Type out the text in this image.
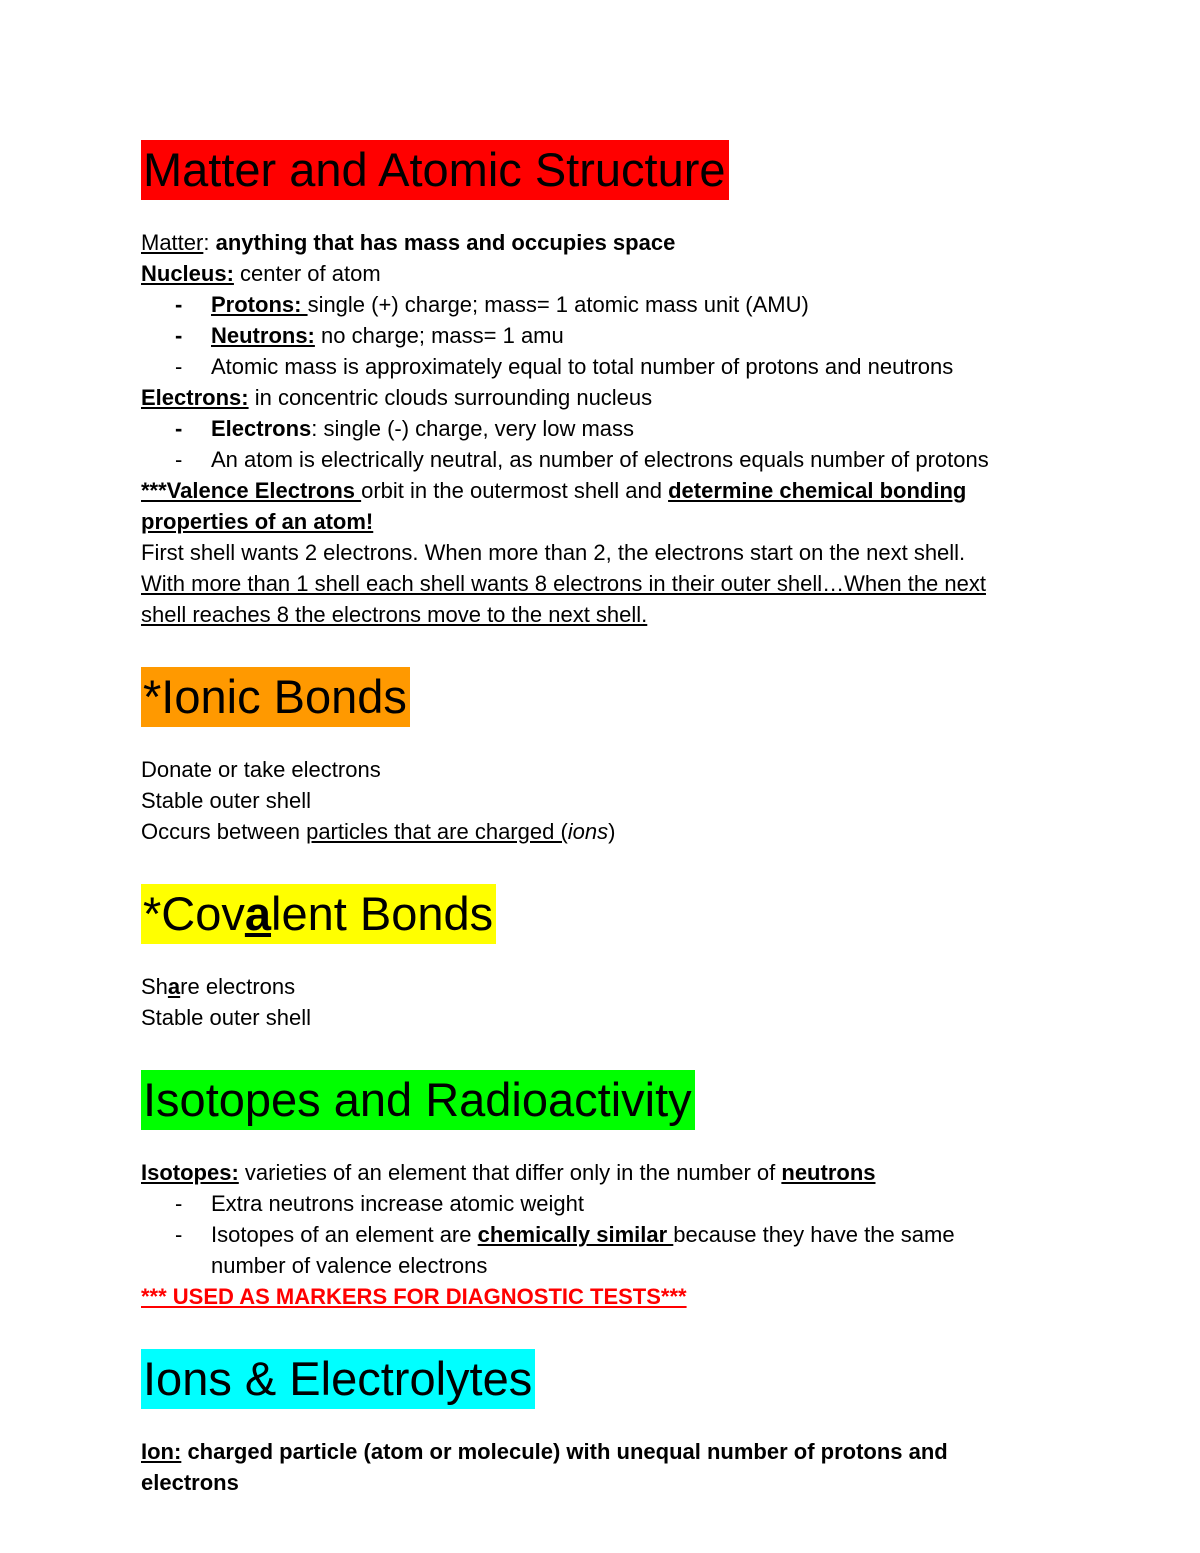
Matter and Atomic Structure
Matter: anything that has mass and occupies space
Nucleus: center of atom
- Protons: single (+) charge; mass= 1 atomic mass unit (AMU)
- Neutrons: no charge; mass= 1 amu
- Atomic mass is approximately equal to total number of protons and neutrons
Electrons: in concentric clouds surrounding nucleus
- Electrons: single (-) charge, very low mass
- An atom is electrically neutral, as number of electrons equals number of protons
***Valence Electrons orbit in the outermost shell and determine chemical bonding
properties of an atom!
First shell wants 2 electrons. When more than 2, the electrons start on the next shell.
With more than 1 shell each shell wants 8 electrons in their outer shell…When the next
shell reaches 8 the electrons move to the next shell.
*Ionic Bonds
Donate or take electrons
Stable outer shell
Occurs between particles that are charged (ions)
*Covalent Bonds
Share electrons
Stable outer shell
Isotopes and Radioactivity
Isotopes: varieties of an element that differ only in the number of neutrons
- Extra neutrons increase atomic weight
- Isotopes of an element are chemically similar because they have the same
number of valence electrons
*** USED AS MARKERS FOR DIAGNOSTIC TESTS***
Ions & Electrolytes
Ion: charged particle (atom or molecule) with unequal number of protons and
electrons
